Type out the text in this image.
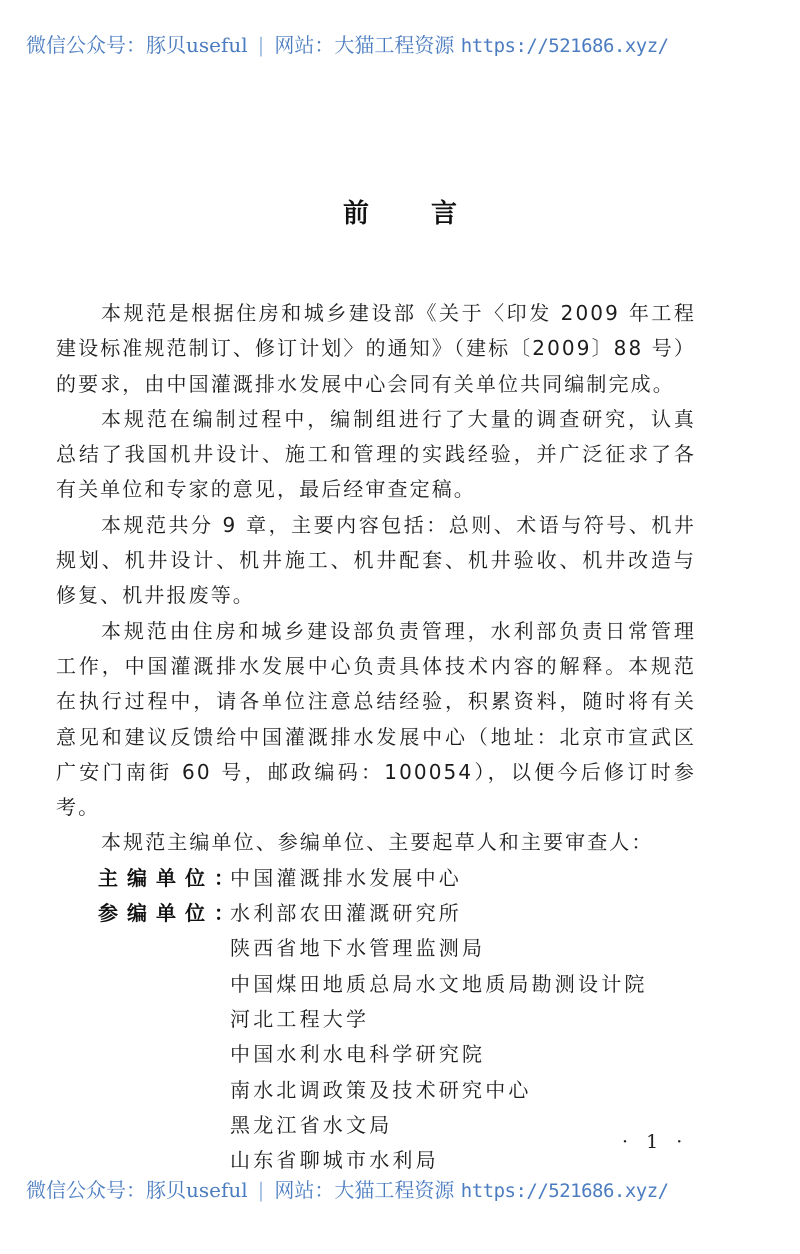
微信公众号：豚贝useful | 网站：大猫工程资源 https://521686.xyz/
前言

本规范是根据住房和城乡建设部《关于〈印发 2009 年工程建设标准规范制订、修订计划〉的通知》（建标〔2009〕88 号）的要求，由中国灌溉排水发展中心会同有关单位共同编制完成。

本规范在编制过程中，编制组进行了大量的调查研究，认真总结了我国机井设计、施工和管理的实践经验，并广泛征求了各有关单位和专家的意见，最后经审查定稿。

本规范共分 9 章，主要内容包括：总则、术语与符号、机井规划、机井设计、机井施工、机井配套、机井验收、机井改造与修复、机井报废等。

本规范由住房和城乡建设部负责管理，水利部负责日常管理工作，中国灌溉排水发展中心负责具体技术内容的解释。本规范在执行过程中，请各单位注意总结经验，积累资料，随时将有关意见和建议反馈给中国灌溉排水发展中心（地址：北京市宣武区广安门南街 60 号，邮政编码：100054），以便今后修订时参考。

本规范主编单位、参编单位、主要起草人和主要审查人：

主编单位：
中国灌溉排水发展中心
参编单位：
水利部农田灌溉研究所
陕西省地下水管理监测局
中国煤田地质总局水文地质局勘测设计院
河北工程大学
中国水利水电科学研究院
南水北调政策及技术研究中心
黑龙江省水文局
山东省聊城市水利局
· 1 ·
微信公众号：豚贝useful | 网站：大猫工程资源 https://521686.xyz/
